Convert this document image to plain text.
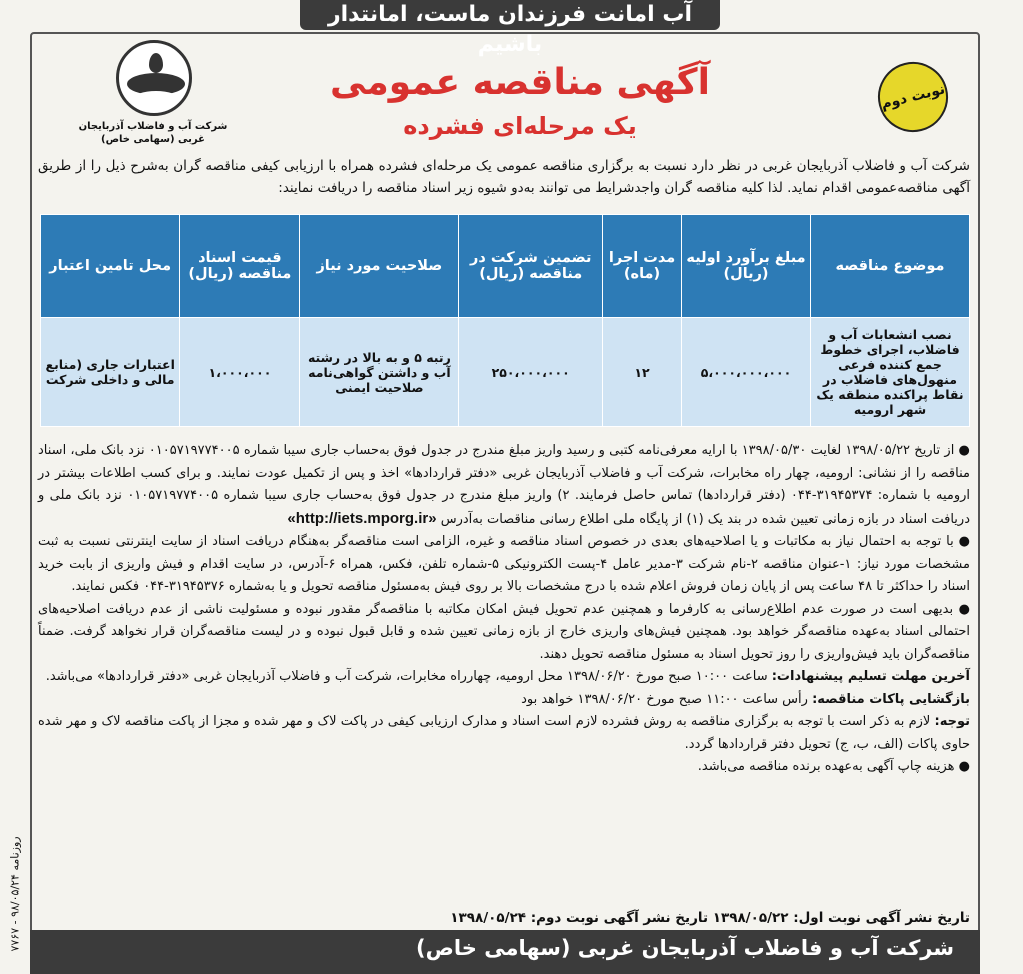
آب امانت فرزندان ماست، امانتدار باشیم
شرکت آب و فاضلاب آذربایجان غربی (سهامی خاص)
نوبت دوم
آگهی مناقصه عمومی
یک مرحله‌ای فشرده
شرکت آب و فاضلاب آذربایجان غربی در نظر دارد نسبت به برگزاری مناقصه عمومی یک مرحله‌ای فشرده همراه با ارزیابی کیفی مناقصه گران به‌شرح ذیل را از طریق آگهی مناقصه‌عمومی اقدام نماید. لذا کلیه مناقصه گران واجدشرایط می توانند به‌دو شیوه زیر اسناد مناقصه را دریافت نمایند:
موضوع مناقصه	مبلغ برآورد اولیه (ریال)	مدت اجرا (ماه)	تضمین شرکت در مناقصه (ریال)	صلاحیت مورد نیاز	قیمت اسناد مناقصه (ریال)	محل تامین اعتبار
نصب انشعابات آب و فاضلاب، اجرای خطوط جمع کننده فرعی منهول‌های فاضلاب در نقاط پراکنده منطقه یک شهر ارومیه	۵،۰۰۰،۰۰۰،۰۰۰	۱۲	۲۵۰،۰۰۰،۰۰۰	رتبه ۵ و به بالا در رشته آب و داشتن گواهی‌نامه صلاحیت ایمنی	۱،۰۰۰،۰۰۰	اعتبارات جاری (منابع مالی و داخلی شرکت

● از تاریخ ۱۳۹۸/۰۵/۲۲ لغایت ۱۳۹۸/۰۵/۳۰ با ارایه معرفی‌نامه کتبی و رسید واریز مبلغ مندرج در جدول فوق به‌حساب جاری سیبا شماره ۰۱۰۵۷۱۹۷۷۴۰۰۵ نزد بانک ملی، اسناد مناقصه را از نشانی: ارومیه، چهار راه مخابرات، شرکت آب و فاضلاب آذربایجان غربی «دفتر قراردادها» اخذ و پس از تکمیل عودت نمایند. و برای کسب اطلاعات بیشتر در ارومیه با شماره: ۳۱۹۴۵۳۷۴-۰۴۴ (دفتر قراردادها) تماس حاصل فرمایند. ۲) واریز مبلغ مندرج در جدول فوق به‌حساب جاری سیبا شماره ۰۱۰۵۷۱۹۷۷۴۰۰۵ نزد بانک ملی و دریافت اسناد در بازه زمانی تعیین شده در بند یک (۱) از پایگاه ملی اطلاع رسانی مناقصات به‌آدرس «http://iets.mporg.ir»

● با توجه به احتمال نیاز به مکاتبات و یا اصلاحیه‌های بعدی در خصوص اسناد مناقصه و غیره، الزامی است مناقصه‌گر به‌هنگام دریافت اسناد از سایت اینترنتی نسبت به ثبت مشخصات مورد نیاز: ۱-عنوان مناقصه ۲-نام شرکت ۳-مدیر عامل ۴-پست الکترونیکی ۵-شماره تلفن، فکس، همراه ۶-آدرس، در سایت اقدام و فیش واریزی از بابت خرید اسناد را حداکثر تا ۴۸ ساعت پس از پایان زمان فروش اعلام شده با درج مشخصات بالا بر روی فیش به‌مسئول مناقصه تحویل و یا به‌شماره ۳۱۹۴۵۳۷۶-۰۴۴ فکس نمایند.

● بدیهی است در صورت عدم اطلاع‌رسانی به کارفرما و همچنین عدم تحویل فیش امکان مکاتبه با مناقصه‌گر مقدور نبوده و مسئولیت ناشی از عدم دریافت اصلاحیه‌های احتمالی اسناد به‌عهده مناقصه‌گر خواهد بود. همچنین فیش‌های واریزی خارج از بازه زمانی تعیین شده و قابل قبول نبوده و در لیست مناقصه‌گران قرار نخواهد گرفت. ضمناً مناقصه‌گران باید فیش‌واریزی را روز تحویل اسناد به مسئول مناقصه تحویل دهند.

آخرین مهلت تسلیم پیشنهادات: ساعت ۱۰:۰۰ صبح مورخ ۱۳۹۸/۰۶/۲۰ محل ارومیه، چهارراه مخابرات، شرکت آب و فاضلاب آذربایجان غربی «دفتر قراردادها» می‌باشد.

بازگشایی پاکات مناقصه: رأس ساعت ۱۱:۰۰ صبح مورخ ۱۳۹۸/۰۶/۲۰ خواهد بود

توجه: لازم به ذکر است با توجه به برگزاری مناقصه به روش فشرده لازم است اسناد و مدارک ارزیابی کیفی در پاکت لاک و مهر شده و مجزا از پاکت مناقصه لاک و مهر شده حاوی پاکات (الف، ب، ج) تحویل دفتر قراردادها گردد.

● هزینه چاپ آگهی به‌عهده برنده مناقصه می‌باشد.

تاریخ نشر آگهی نوبت اول: ۱۳۹۸/۰۵/۲۲ تاریخ نشر آگهی نوبت دوم: ۱۳۹۸/۰۵/۲۴
شرکت آب و فاضلاب آذربایجان غربی (سهامی خاص)
روزنامه ۹۸/۰۵/۲۴ - ۷۷۶۷
